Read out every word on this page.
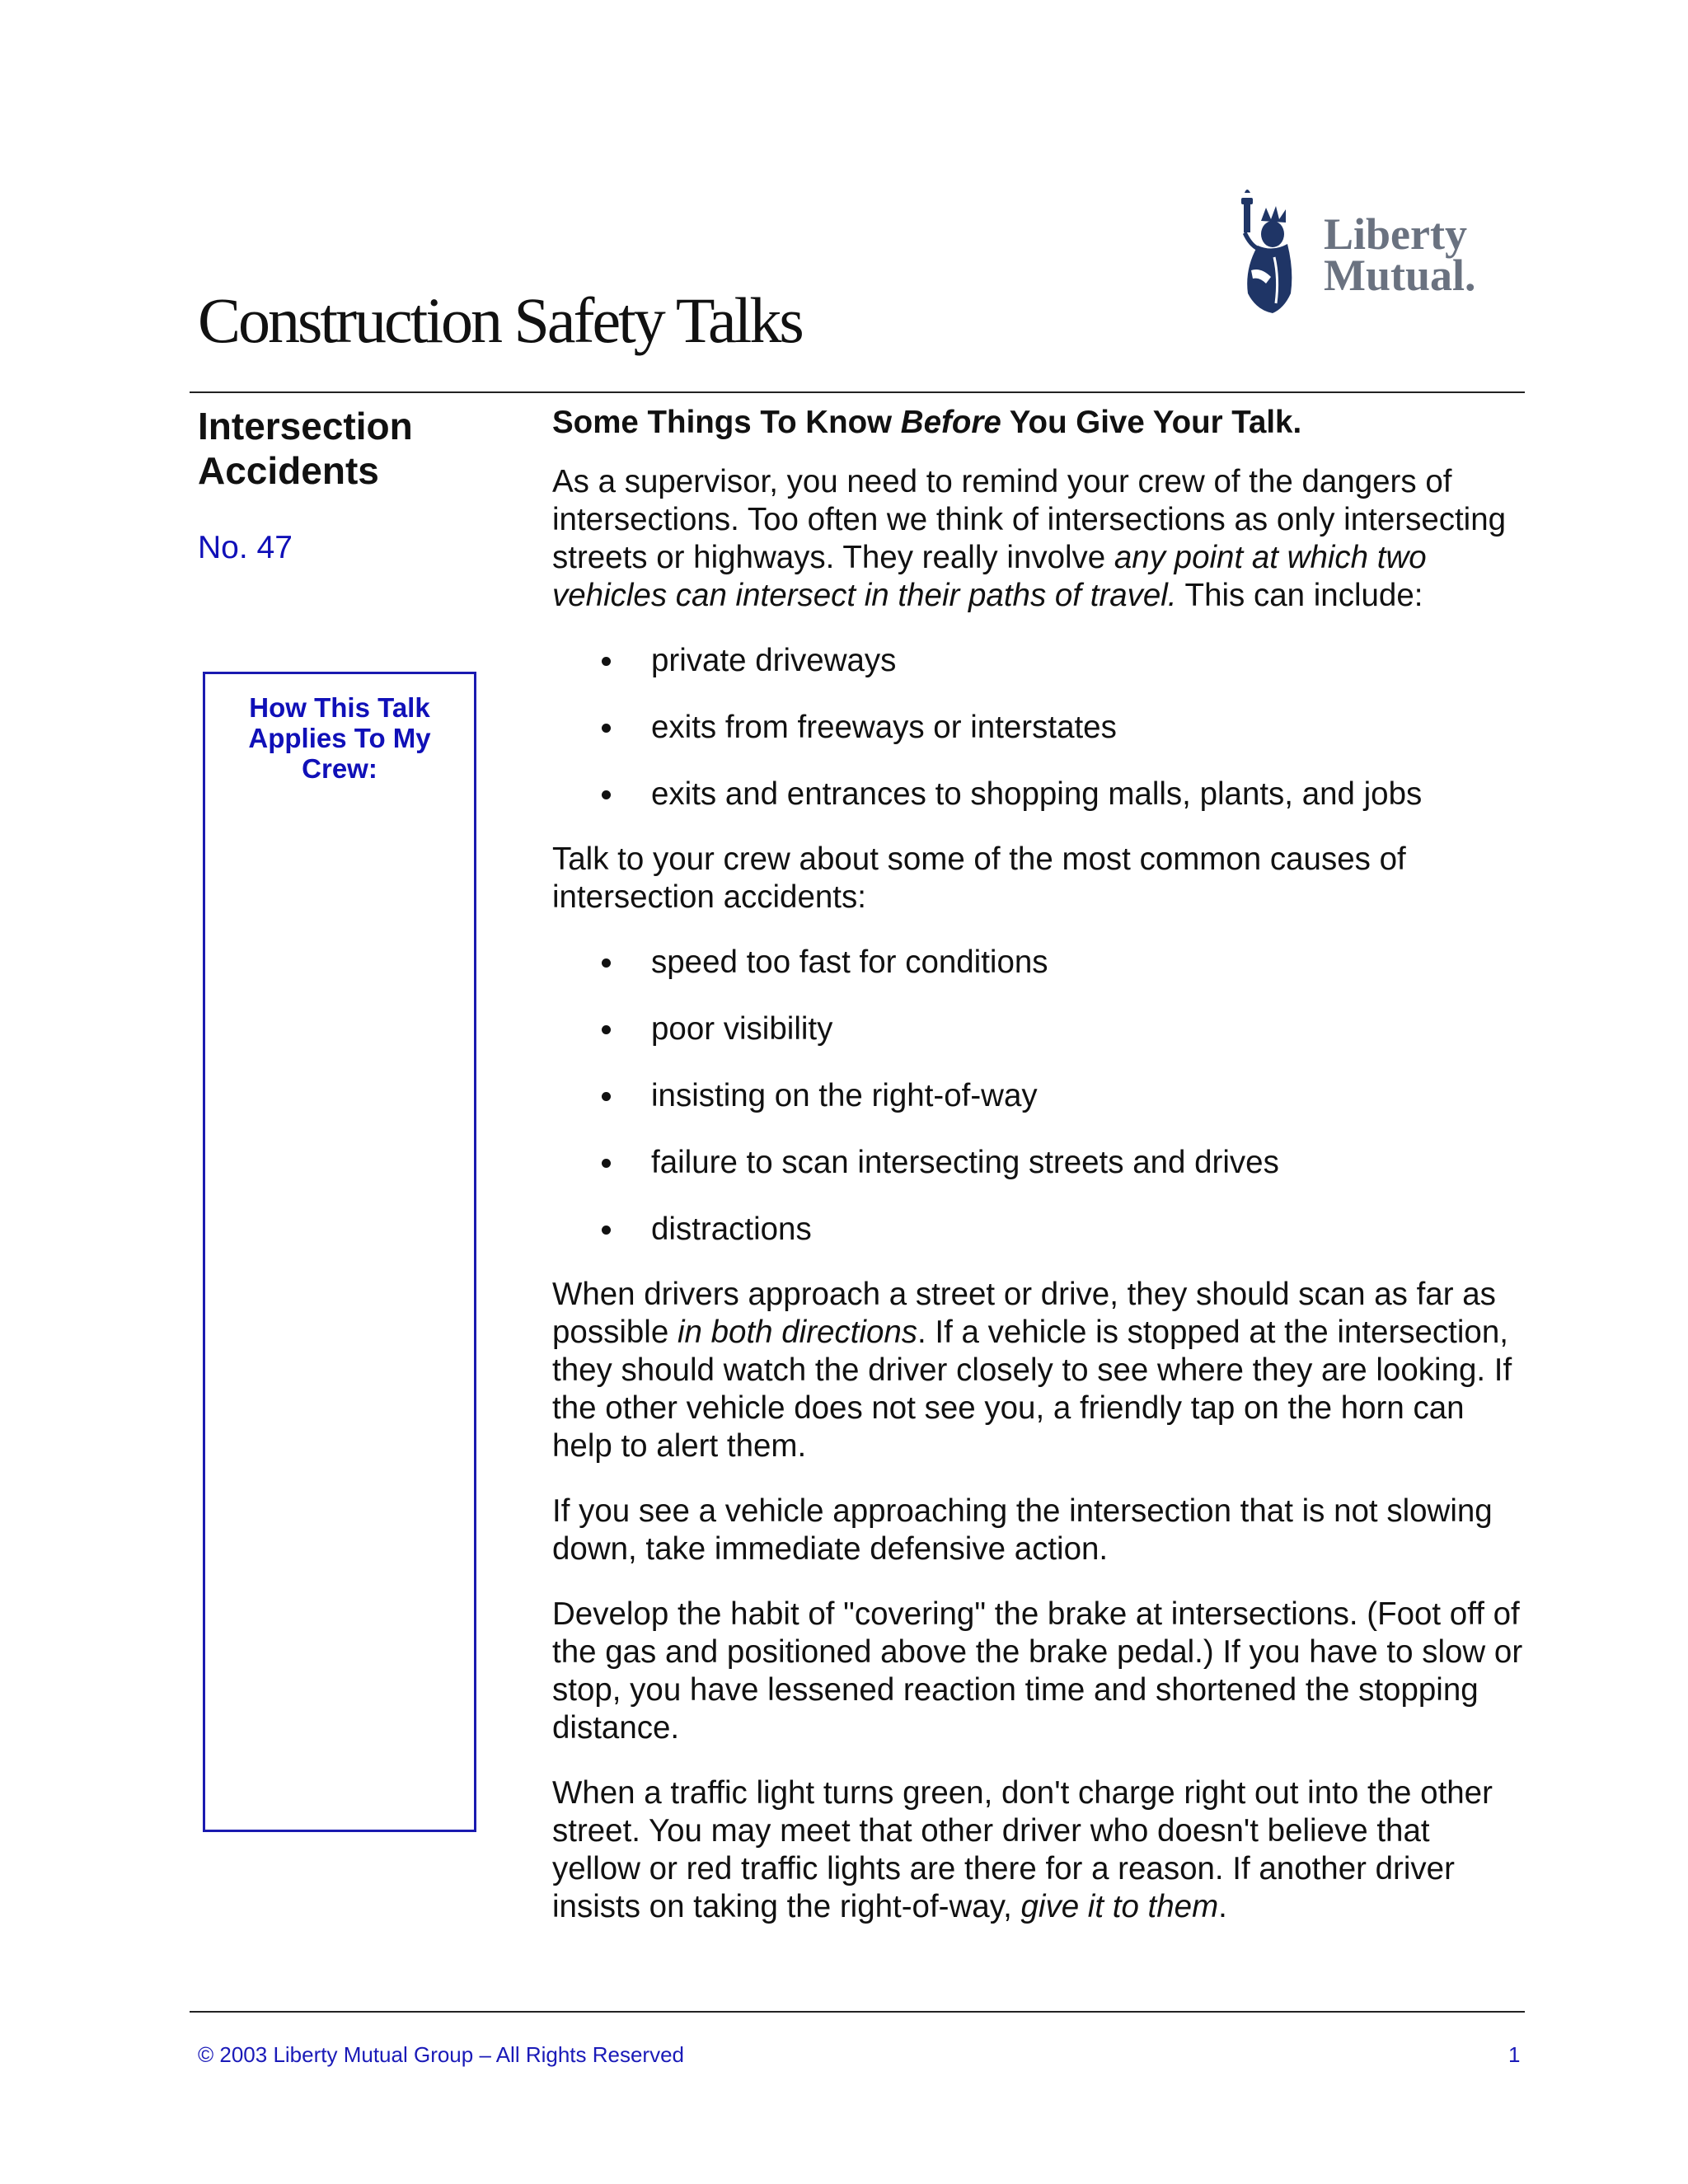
Liberty
Mutual.
Construction Safety Talks
Intersection
Accidents
No. 47
How This Talk
Applies To My
Crew:
Some Things To Know Before You Give Your Talk.

As a supervisor, you need to remind your crew of the dangers of intersections. Too often we think of intersections as only intersecting streets or highways. They really involve any point at which two vehicles can intersect in their paths of travel. This can include:

private driveways
exits from freeways or interstates
exits and entrances to shopping malls, plants, and jobs

Talk to your crew about some of the most common causes of intersection accidents:

speed too fast for conditions
poor visibility
insisting on the right-of-way
failure to scan intersecting streets and drives
distractions

When drivers approach a street or drive, they should scan as far as possible in both directions. If a vehicle is stopped at the intersection, they should watch the driver closely to see where they are looking. If the other vehicle does not see you, a friendly tap on the horn can help to alert them.

If you see a vehicle approaching the intersection that is not slowing down, take immediate defensive action.

Develop the habit of "covering" the brake at intersections. (Foot off of the gas and positioned above the brake pedal.) If you have to slow or stop, you have lessened reaction time and shortened the stopping distance.

When a traffic light turns green, don't charge right out into the other street. You may meet that other driver who doesn't believe that yellow or red traffic lights are there for a reason. If another driver insists on taking the right-of-way, give it to them.

© 2003 Liberty Mutual Group – All Rights Reserved	1
